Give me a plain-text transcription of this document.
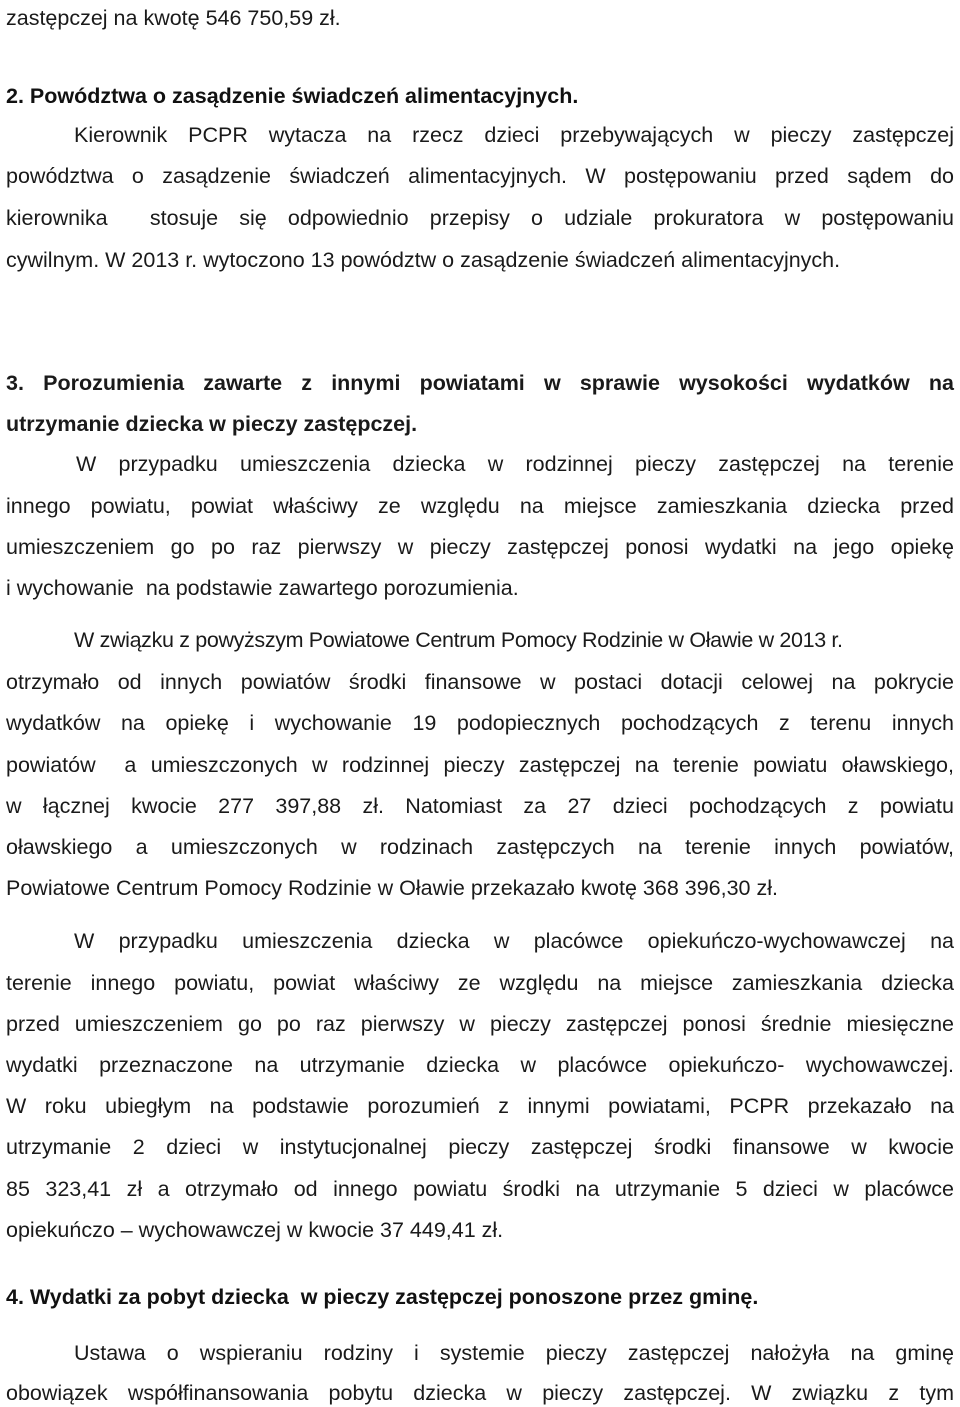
zastępczej na kwotę 546 750,59 zł.
2. Powództwa o zasądzenie świadczeń alimentacyjnych.
Kierownik PCPR wytacza na rzecz dzieci przebywających w pieczy zastępczej
powództwa o zasądzenie świadczeń alimentacyjnych. W postępowaniu przed sądem do
kierownika  stosuje się odpowiednio przepisy o udziale prokuratora w postępowaniu
cywilnym. W 2013 r. wytoczono 13 powództw o zasądzenie świadczeń alimentacyjnych.
3. Porozumienia zawarte z innymi powiatami w sprawie wysokości wydatków na
utrzymanie dziecka w pieczy zastępczej.
W przypadku umieszczenia dziecka w rodzinnej pieczy zastępczej na terenie
innego powiatu, powiat właściwy ze względu na miejsce zamieszkania dziecka przed
umieszczeniem go po raz pierwszy w pieczy zastępczej ponosi wydatki na jego opiekę
i wychowanie  na podstawie zawartego porozumienia.
W związku z powyższym Powiatowe Centrum Pomocy Rodzinie w Oławie w 2013 r.
otrzymało od innych powiatów środki finansowe w postaci dotacji celowej na pokrycie
wydatków na opiekę i wychowanie 19 podopiecznych pochodzących z terenu innych
powiatów  a umieszczonych w rodzinnej pieczy zastępczej na terenie powiatu oławskiego,
w łącznej kwocie 277 397,88 zł. Natomiast za 27 dzieci pochodzących z powiatu
oławskiego a umieszczonych w rodzinach zastępczych na terenie innych powiatów,
Powiatowe Centrum Pomocy Rodzinie w Oławie przekazało kwotę 368 396,30 zł.
W przypadku umieszczenia dziecka w placówce opiekuńczo-wychowawczej na
terenie innego powiatu, powiat właściwy ze względu na miejsce zamieszkania dziecka
przed umieszczeniem go po raz pierwszy w pieczy zastępczej ponosi średnie miesięczne
wydatki przeznaczone na utrzymanie dziecka w placówce opiekuńczo- wychowawczej.
W roku ubiegłym na podstawie porozumień z innymi powiatami, PCPR przekazało na
utrzymanie 2 dzieci w instytucjonalnej pieczy zastępczej środki finansowe w kwocie
85 323,41 zł a otrzymało od innego powiatu środki na utrzymanie 5 dzieci w placówce
opiekuńczo – wychowawczej w kwocie 37 449,41 zł.
4. Wydatki za pobyt dziecka  w pieczy zastępczej ponoszone przez gminę.
Ustawa o wspieraniu rodziny i systemie pieczy zastępczej nałożyła na gminę
obowiązek współfinansowania pobytu dziecka w pieczy zastępczej. W związku z tym
